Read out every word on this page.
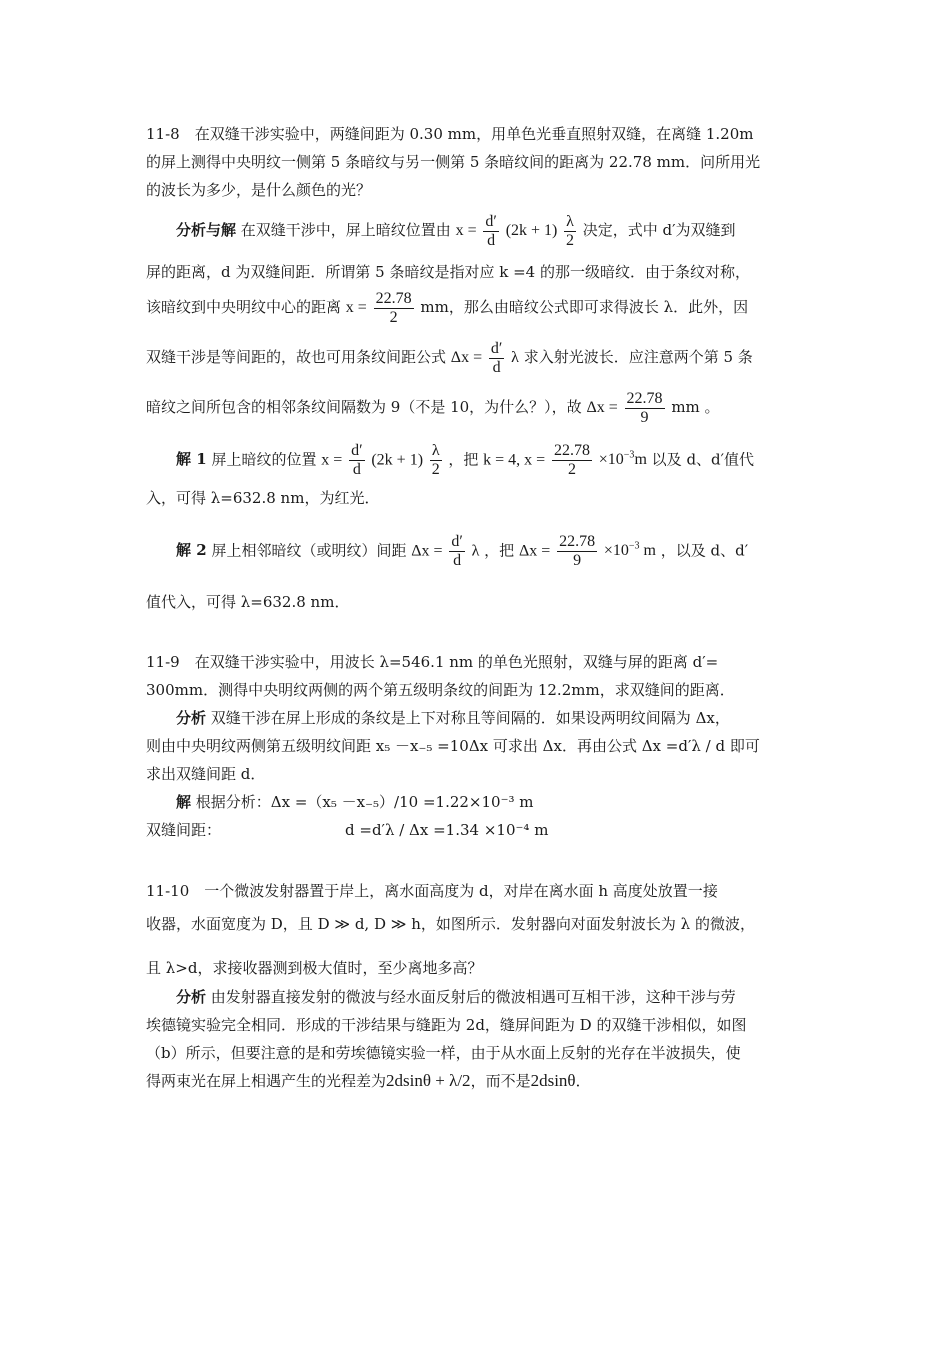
11-8　在双缝干涉实验中，两缝间距为 0.30 mm，用单色光垂直照射双缝，在离缝 1.20m
的屏上测得中央明纹一侧第 5 条暗纹与另一侧第 5 条暗纹间的距离为 22.78 mm．问所用光
的波长为多少，是什么颜色的光？
分析与解 在双缝干涉中，屏上暗纹位置由 $x = \frac{d'}{d} (2k + 1) \frac{\lambda}{2}$ 决定，式中 d′为双缝到
屏的距离，d 为双缝间距．所谓第 5 条暗纹是指对应 k =4 的那一级暗纹．由于条纹对称，
该暗纹到中央明纹中心的距离 $x = \frac{22.78}{2}$ mm，那么由暗纹公式即可求得波长 λ．此外，因
双缝干涉是等间距的，故也可用条纹间距公式 $\Delta x = \frac{d'}{d}$ λ 求入射光波长．应注意两个第 5 条
暗纹之间所包含的相邻条纹间隔数为 9（不是 10，为什么？），故 $\Delta x = \frac{22.78}{9}$ mm 。
解 1 屏上暗纹的位置 $x = \frac{d'}{d} (2k + 1) \frac{\lambda}{2}$ ，把 k = 4, $x = \frac{22.78}{2} \times 10^{-3}m$ 以及 d、d′值代
入，可得 λ=632.8 nm，为红光．
解 2 屏上相邻暗纹（或明纹）间距 $\Delta x = \frac{d'}{d}$ λ ，把 $\Delta x = \frac{22.78}{9} \times 10^{-3}$ m ，以及 d、d′
值代入，可得 λ=632.8 nm．
11-9　在双缝干涉实验中，用波长 λ=546.1 nm 的单色光照射，双缝与屏的距离 d′=
300mm．测得中央明纹两侧的两个第五级明条纹的间距为 12.2mm，求双缝间的距离．
分析 双缝干涉在屏上形成的条纹是上下对称且等间隔的．如果设两明纹间隔为 Δx，
则由中央明纹两侧第五级明纹间距 x₅ －x₋₅ =10Δx 可求出 Δx．再由公式 Δx =d′λ / d 即可
求出双缝间距 d．
解 根据分析：Δx =（x₅ －x₋₅）/10 =1.22×10⁻³ m
双缝间距：	d =d′λ / Δx =1.34 ×10⁻⁴ m
11-10　一个微波发射器置于岸上，离水面高度为 d，对岸在离水面 h 高度处放置一接
收器，水面宽度为 D，且 D ≫ d, D ≫ h，如图所示．发射器向对面发射波长为 λ 的微波，
且 λ>d，求接收器测到极大值时，至少离地多高？
分析 由发射器直接发射的微波与经水面反射后的微波相遇可互相干涉，这种干涉与劳
埃德镜实验完全相同．形成的干涉结果与缝距为 2d，缝屏间距为 D 的双缝干涉相似，如图
（b）所示，但要注意的是和劳埃德镜实验一样，由于从水面上反射的光存在半波损失，使
得两束光在屏上相遇产生的光程差为2dsinθ + λ/2，而不是2dsinθ．
